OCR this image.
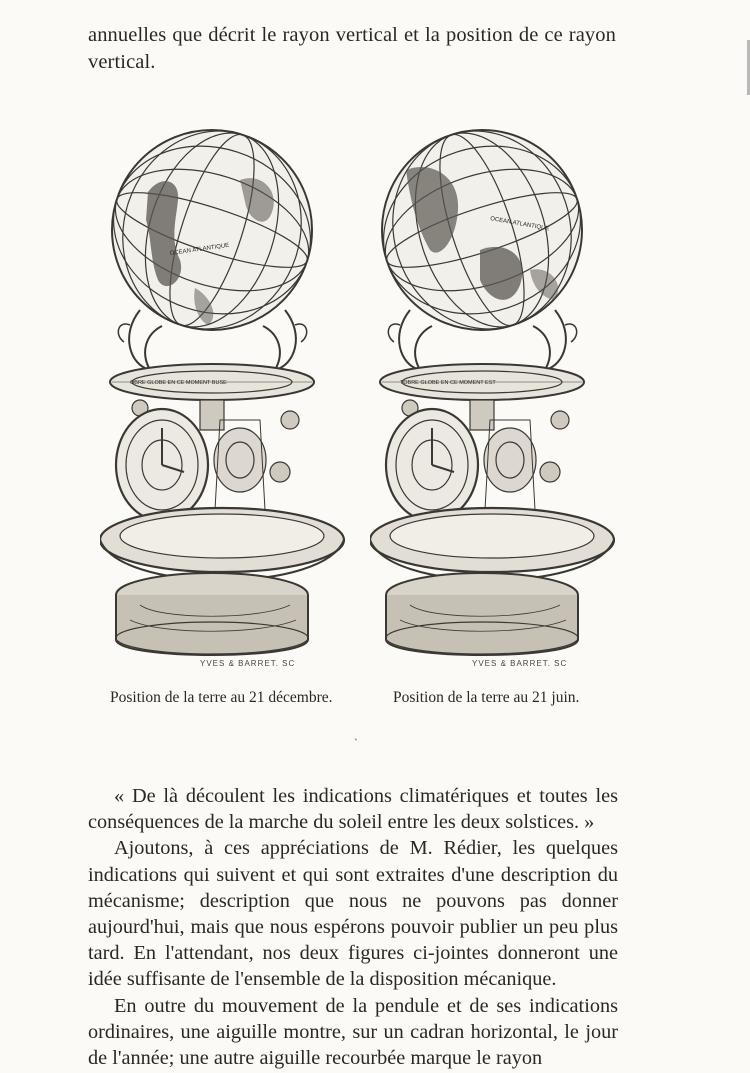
annuelles que décrit le rayon vertical et la position de ce rayon vertical.

OCEAN ATLANTIQUE
OBRE GLOBE EN CE MOMENT BUSE
OCEAN ATLANTIQUE
TOBRE GLOBE EN CE MOMENT EST
YVES & BARRET. SC	YVES & BARRET. SC
Position de la terre au 21 décembre.	Position de la terre au 21 juin.
ˏ

« De là découlent les indications climatériques et toutes les conséquences de la marche du soleil entre les deux solstices. »

Ajoutons, à ces appréciations de M. Rédier, les quelques indications qui suivent et qui sont extraites d'une description du mécanisme; description que nous ne pouvons pas donner aujourd'hui, mais que nous espérons pouvoir publier un peu plus tard. En l'attendant, nos deux figures ci-jointes donneront une idée suffisante de l'ensemble de la disposition mécanique.

En outre du mouvement de la pendule et de ses indications ordinaires, une aiguille montre, sur un cadran horizontal, le jour de l'année; une autre aiguille recourbée marque le rayon
